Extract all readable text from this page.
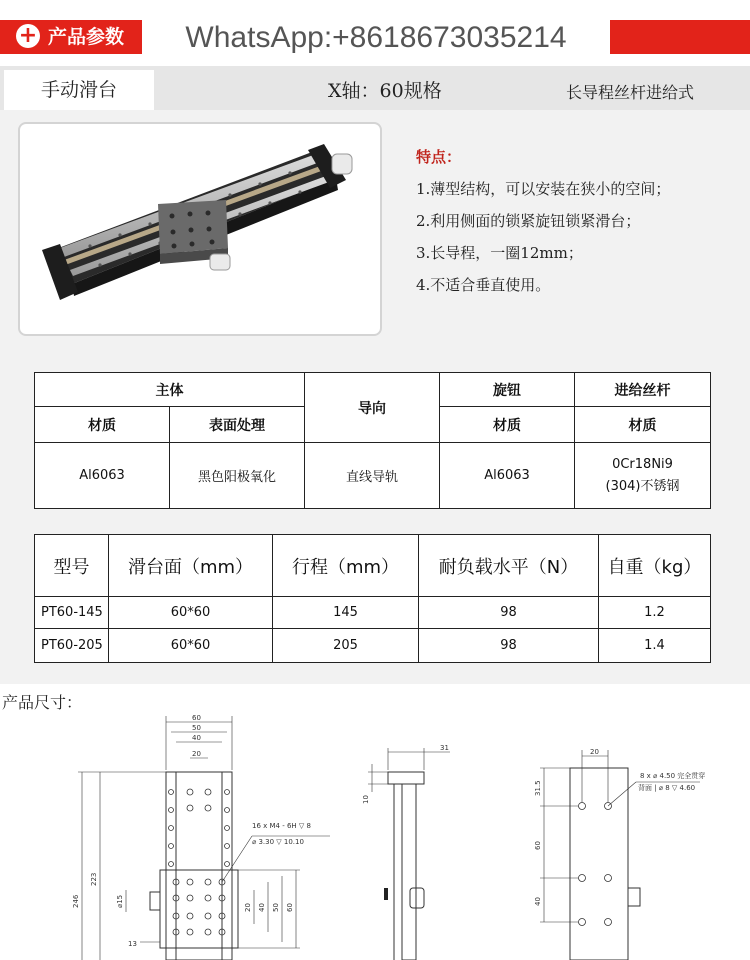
+ 产品参数	WhatsApp:+8618673035214
手动滑台	X轴：60规格	长导程丝杆进给式
特点：
1.薄型结构，可以安装在狭小的空间；
2.利用侧面的锁紧旋钮锁紧滑台；
3.长导程，一圈12mm；
4.不适合垂直使用。
主体		导向	旋钮	进给丝杆
材质	表面处理		材质	材质
Al6063	黑色阳极氧化	直线导轨	Al6063	0Cr18Ni9
(304)不锈钢
型号	滑台面（mm）	行程（mm）	耐负载水平（N）	自重（kg）
PT60-145	60*60	145	98	1.2
PT60-205	60*60	205	98	1.4
产品尺寸：
60
50
40
20
246
223
⌀15
16 x M4 - 6H ▽ 8
⌀ 3.30 ▽ 10.10
20 40 50 60
13
31
10
20
31.5
60
40
8 x ⌀ 4.50 完全贯穿
背面 | ⌀ 8 ▽ 4.60
